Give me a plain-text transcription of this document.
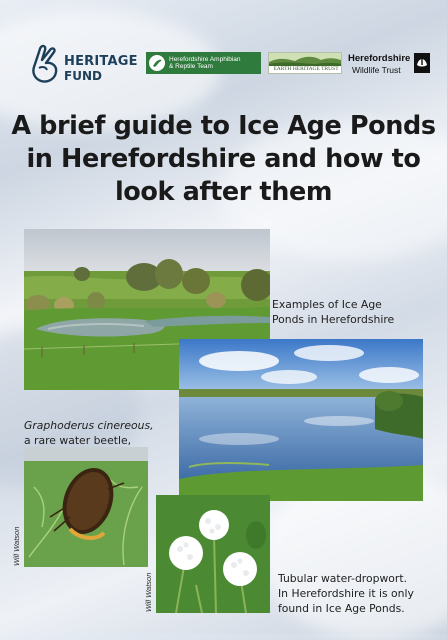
HERITAGE
FUND
Herefordshire Amphibian
& Reptile Team	EARTH HERITAGE TRUST
Herefordshire
Wildlife Trust
A brief guide to Ice Age Ponds
in Herefordshire and how to
look after them
Examples of Ice Age
Ponds in Herefordshire
Graphoderus cinereous,
a rare water beetle,
Tubular water-dropwort.
In Herefordshire it is only
found in Ice Age Ponds.
Will Watson
Will Watson
